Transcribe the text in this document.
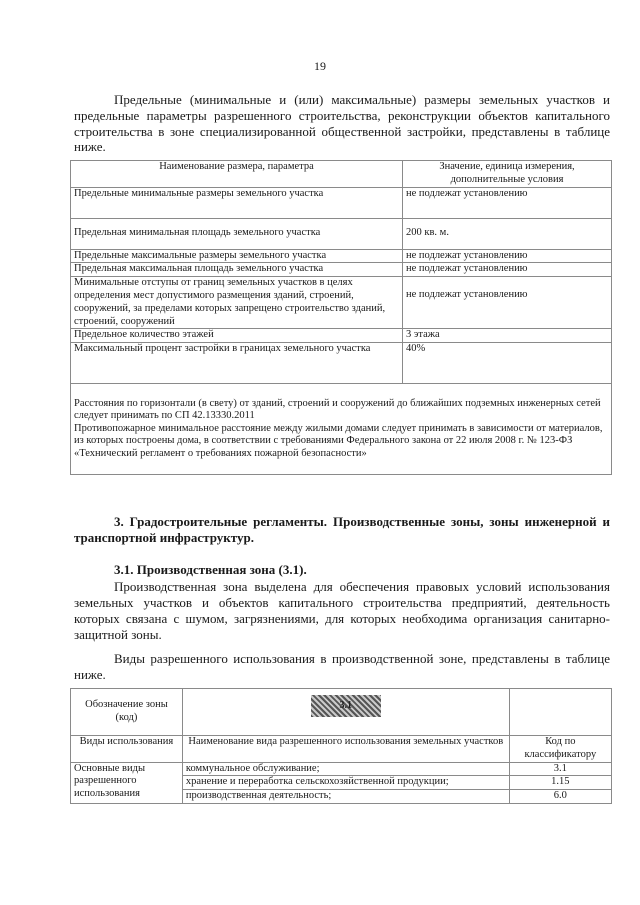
19
Предельные (минимальные и (или) максимальные) размеры земельных участков и предельные параметры разрешенного строительства, реконструкции объектов капитального строительства в зоне специализированной общественной застройки, представлены в таблице ниже.
Наименование размера, параметра	Значение, единица измерения,
дополнительные условия

Предельные минимальные размеры земельного участка	не подлежат установлению
Предельная минимальная площадь земельного участка	200 кв. м.
Предельные максимальные размеры земельного участка	не подлежат установлению
Предельная максимальная площадь земельного участка	не подлежат установлению
Минимальные отступы от границ земельных участков в целях определения мест допустимого размещения зданий, строений, сооружений, за пределами которых запрещено строительство зданий, строений, сооружений	не подлежат установлению
Предельное количество этажей	3 этажа
Максимальный процент застройки в границах земельного участка	40%

Расстояния по горизонтали (в свету) от зданий, строений и сооружений до ближайших подземных инженерных сетей следует принимать по СП 42.13330.2011
Противопожарное минимальное расстояние между жилыми домами следует принимать в зависимости от материалов, из которых построены дома, в соответствии с требованиями Федерального закона от 22 июля 2008 г. № 123-ФЗ «Технический регламент о требованиях пожарной безопасности»	
3. Градостроительные регламенты. Производственные зоны, зоны инженерной и транспортной инфраструктур.
3.1. Производственная зона (3.1).
Производственная зона выделена для обеспечения правовых условий использования земельных участков и объектов капитального строительства предприятий, деятельность которых связана с шумом, загрязнениями, для которых необходима организация санитарно-защитной зоны.
Виды разрешенного использования в производственной зоне, представлены в таблице ниже.
Обозначение зоны (код)	3.1	
Виды использования	Наименование вида разрешенного использования земельных участков	Код по классификатору
Основные виды разрешенного использования	коммунальное обслуживание;	3.1
	хранение и переработка сельскохозяйственной продукции;	1.15
	производственная деятельность;	6.0
